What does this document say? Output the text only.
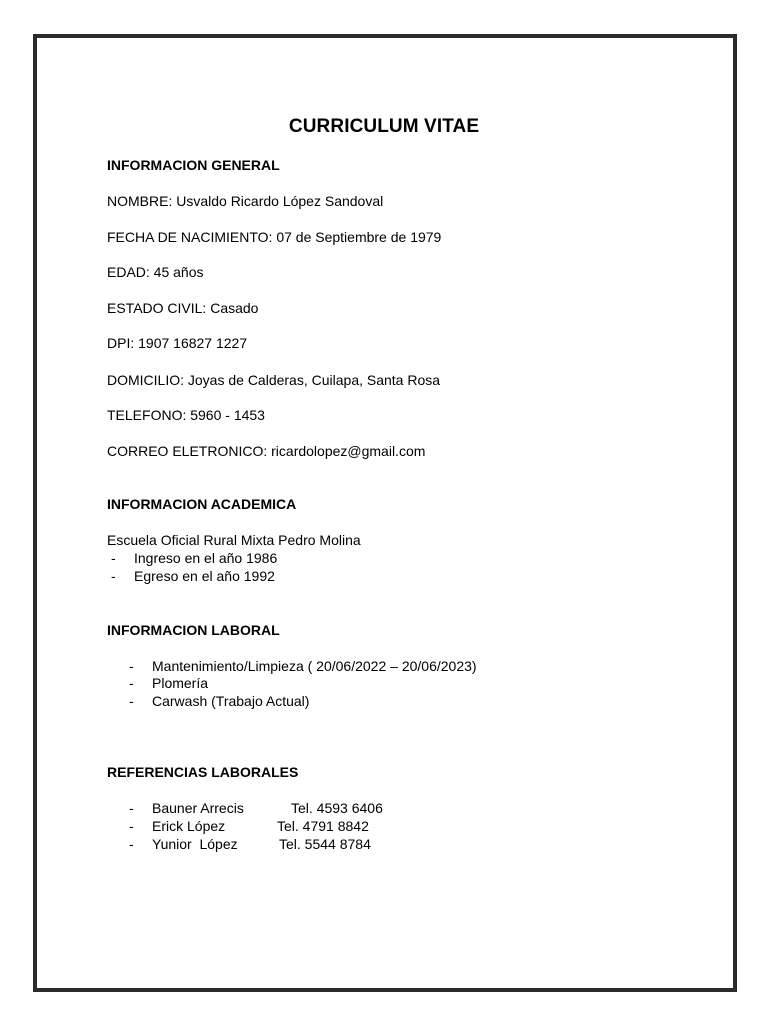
CURRICULUM VITAE
INFORMACION GENERAL
NOMBRE: Usvaldo Ricardo López Sandoval
FECHA DE NACIMIENTO: 07 de Septiembre de 1979
EDAD: 45 años
ESTADO CIVIL: Casado
DPI: 1907 16827 1227
DOMICILIO: Joyas de Calderas, Cuilapa, Santa Rosa
TELEFONO: 5960 - 1453
CORREO ELETRONICO: ricardolopez@gmail.com
INFORMACION ACADEMICA
Escuela Oficial Rural Mixta Pedro Molina
- Ingreso en el año 1986
- Egreso en el año 1992
INFORMACION LABORAL
- Mantenimiento/Limpieza ( 20/06/2022 – 20/06/2023)
- Plomería
- Carwash (Trabajo Actual)
REFERENCIAS LABORALES
- Bauner Arrecis	Tel. 4593 6406
- Erick López	Tel. 4791 8842
- Yunior  López	Tel. 5544 8784
